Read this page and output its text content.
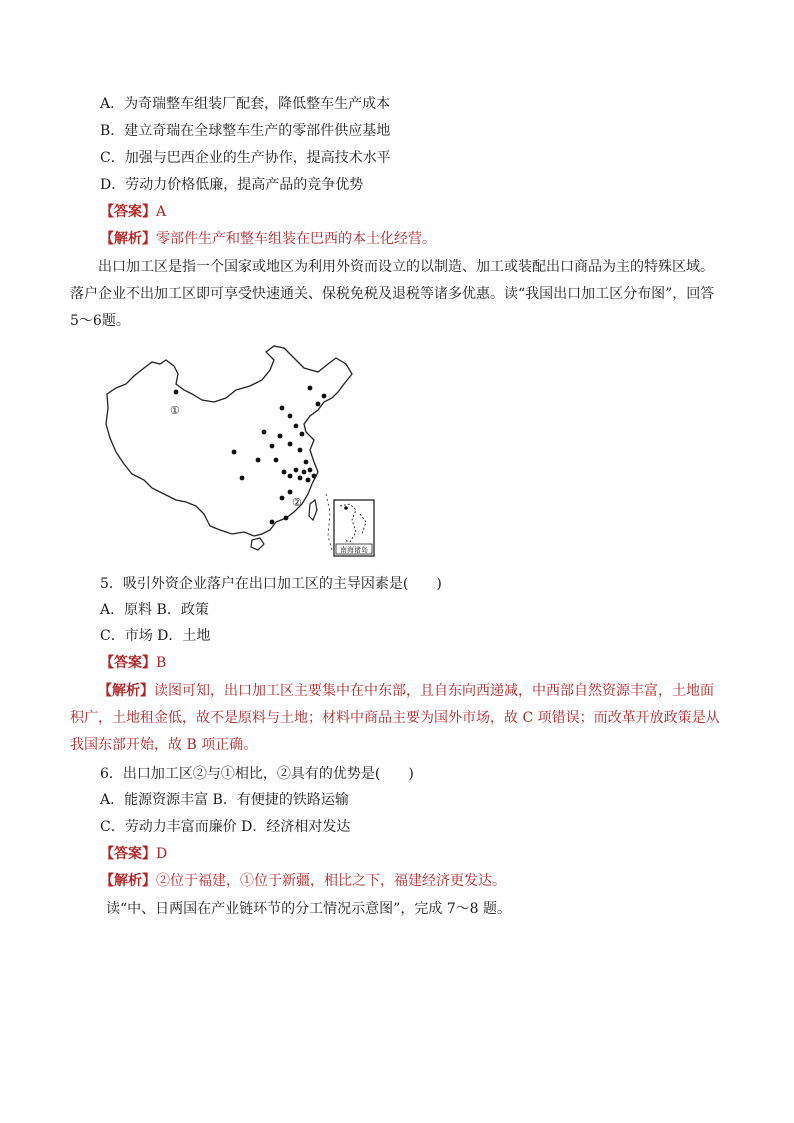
A．为奇瑞整车组装厂配套，降低整车生产成本
B．建立奇瑞在全球整车生产的零部件供应基地
C．加强与巴西企业的生产协作，提高技术水平
D．劳动力价格低廉，提高产品的竞争优势
【答案】A
【解析】零部件生产和整车组装在巴西的本土化经营。
出口加工区是指一个国家或地区为利用外资而设立的以制造、加工或装配出口商品为主的特殊区域。
落户企业不出加工区即可享受快速通关、保税免税及退税等诸多优惠。读“我国出口加工区分布图”，回答
5～6题。
①
②
南海诸岛
5．吸引外资企业落户在出口加工区的主导因素是(　　)
A．原料 B．政策
C．市场 D．土地
【答案】B
【解析】读图可知，出口加工区主要集中在中东部，且自东向西递减，中西部自然资源丰富，土地面
积广，土地租金低，故不是原料与土地；材料中商品主要为国外市场，故 C 项错误；而改革开放政策是从
我国东部开始，故 B 项正确。
6．出口加工区②与①相比，②具有的优势是(　　)
A．能源资源丰富 B．有便捷的铁路运输
C．劳动力丰富而廉价 D．经济相对发达
【答案】D
【解析】②位于福建，①位于新疆，相比之下，福建经济更发达。
读“中、日两国在产业链环节的分工情况示意图”，完成 7～8 题。
